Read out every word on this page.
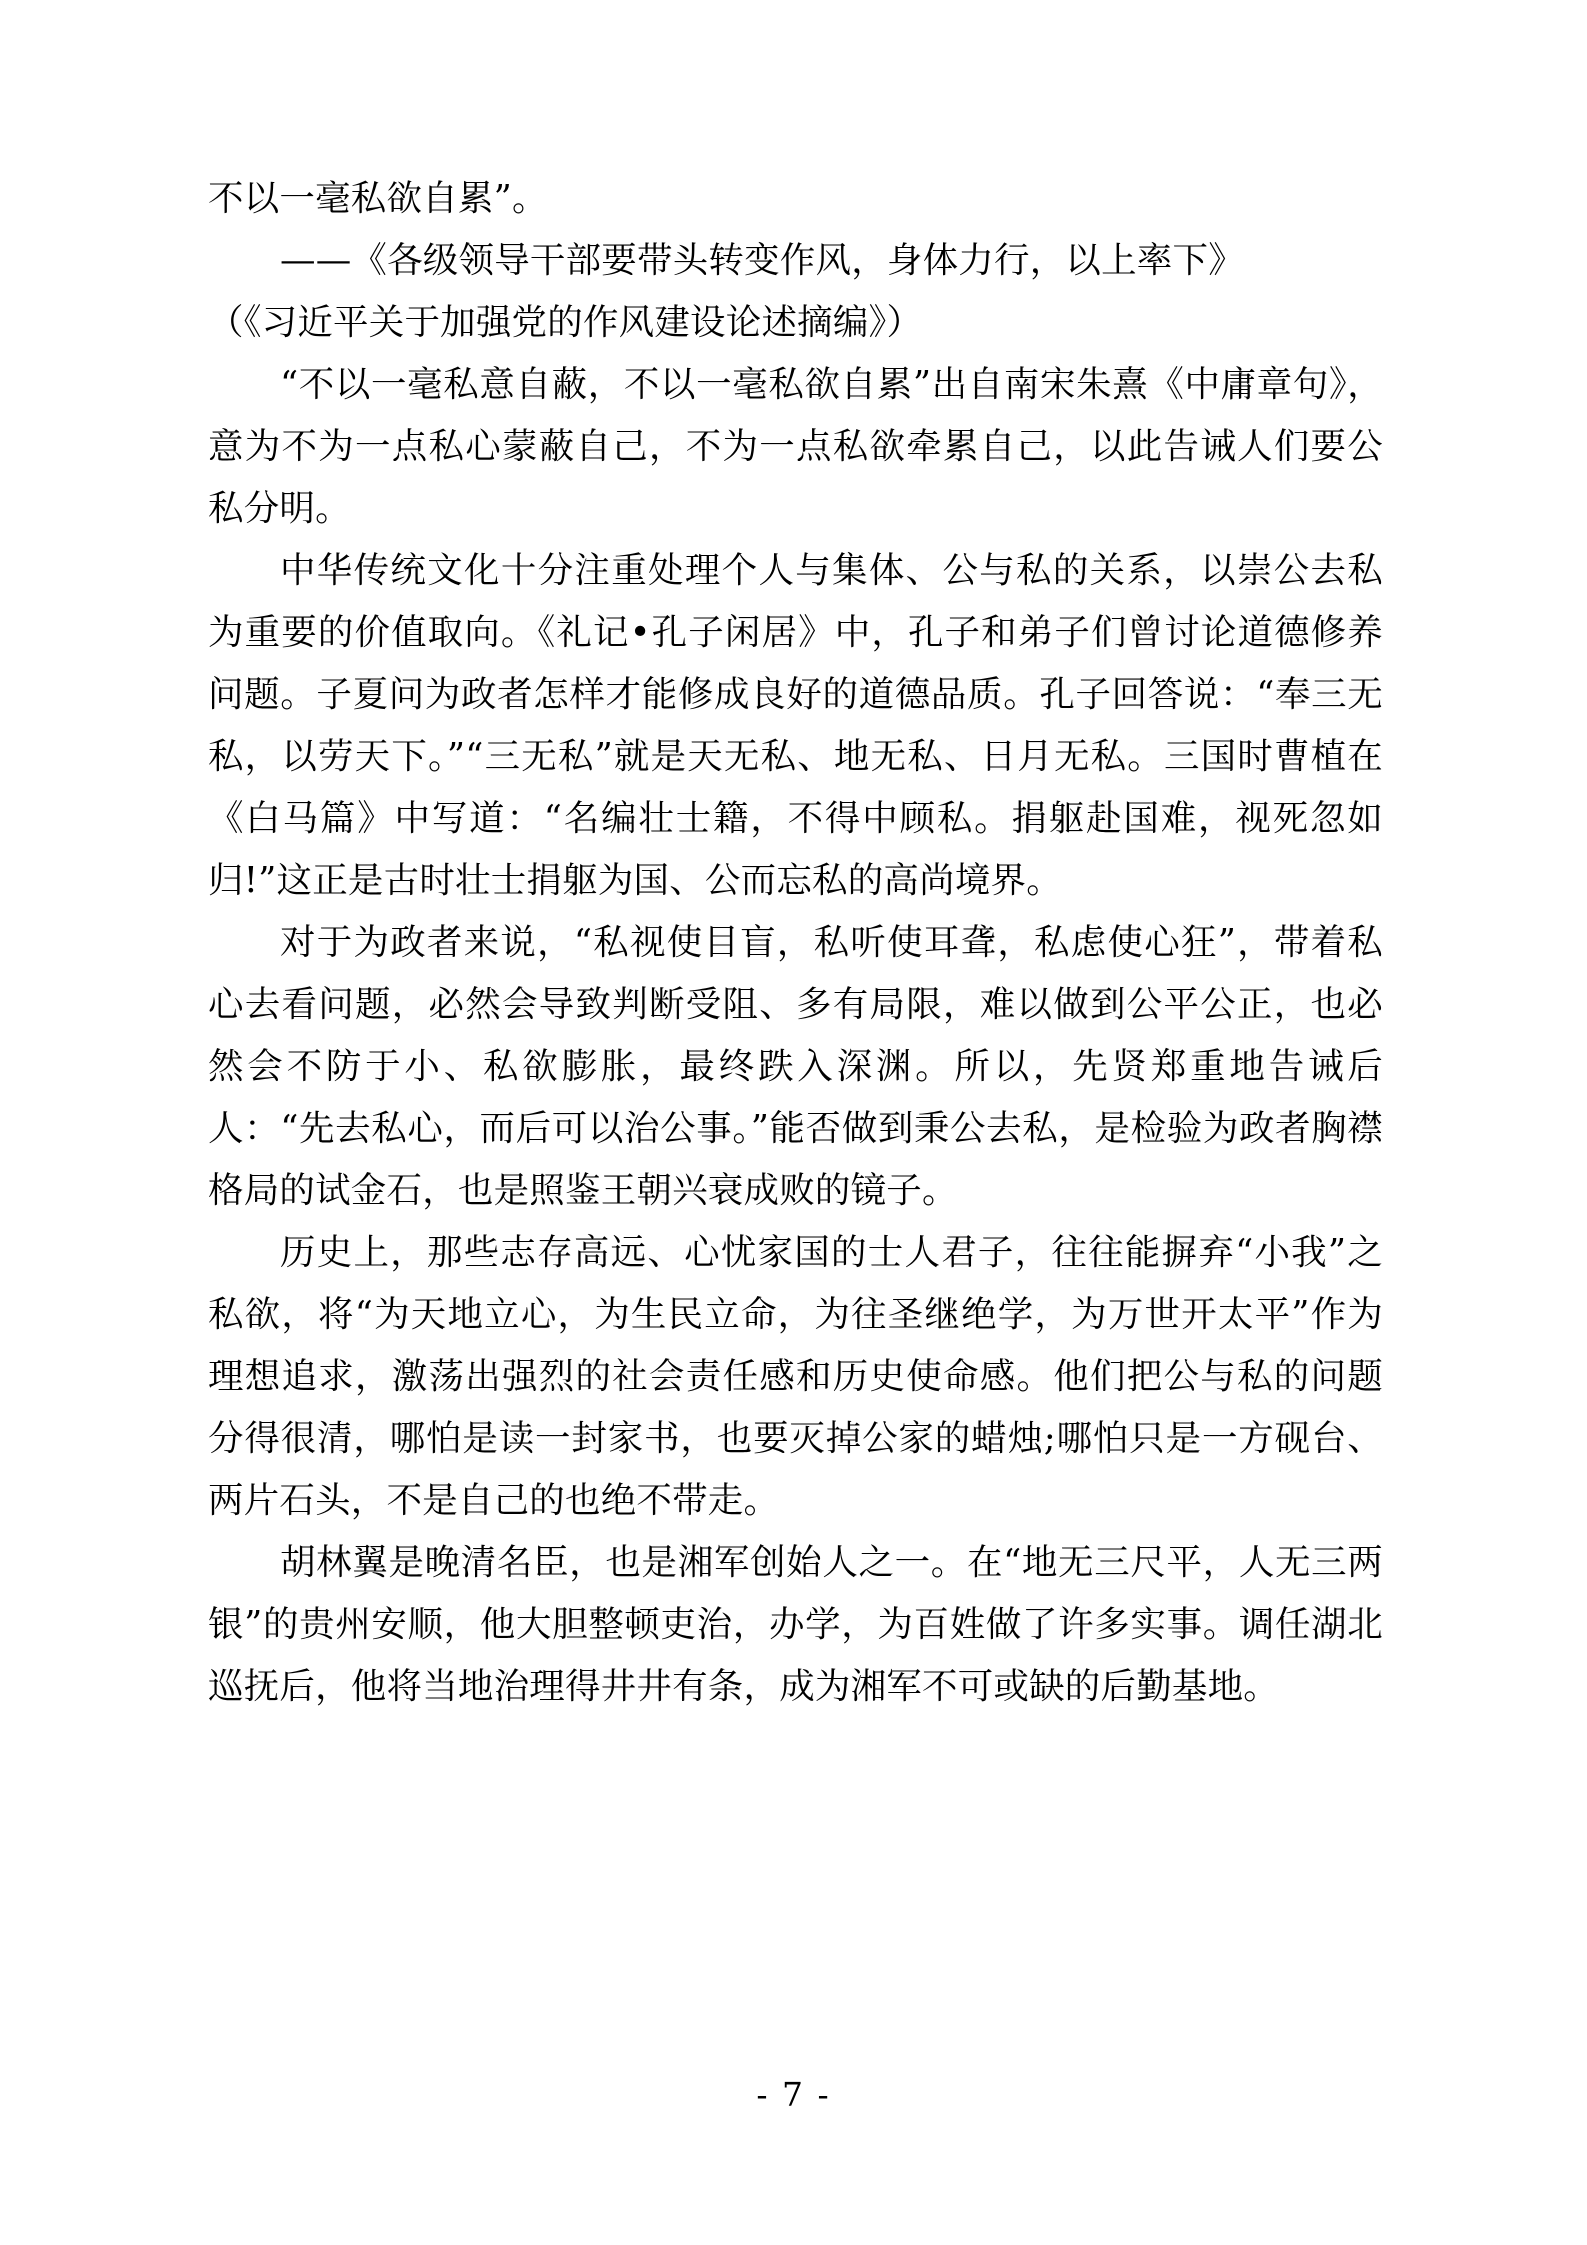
不以一毫私欲自累”。

——《各级领导干部要带头转变作风，身体力行，以上率下》

（《习近平关于加强党的作风建设论述摘编》）

“不以一毫私意自蔽，不以一毫私欲自累”出自南宋朱熹《中庸章句》，意为不为一点私心蒙蔽自己，不为一点私欲牵累自己，以此告诫人们要公私分明。

中华传统文化十分注重处理个人与集体、公与私的关系，以崇公去私为重要的价值取向。《礼记•孔子闲居》中，孔子和弟子们曾讨论道德修养问题。子夏问为政者怎样才能修成良好的道德品质。孔子回答说：“奉三无私，以劳天下。”“三无私”就是天无私、地无私、日月无私。三国时曹植在《白马篇》中写道：“名编壮士籍，不得中顾私。捐躯赴国难，视死忽如归!”这正是古时壮士捐躯为国、公而忘私的高尚境界。

对于为政者来说，“私视使目盲，私听使耳聋，私虑使心狂”，带着私心去看问题，必然会导致判断受阻、多有局限，难以做到公平公正，也必然会不防于小、私欲膨胀，最终跌入深渊。所以，先贤郑重地告诫后人：“先去私心，而后可以治公事。”能否做到秉公去私，是检验为政者胸襟格局的试金石，也是照鉴王朝兴衰成败的镜子。

历史上，那些志存高远、心忧家国的士人君子，往往能摒弃“小我”之私欲，将“为天地立心，为生民立命，为往圣继绝学，为万世开太平”作为理想追求，激荡出强烈的社会责任感和历史使命感。他们把公与私的问题分得很清，哪怕是读一封家书，也要灭掉公家的蜡烛;哪怕只是一方砚台、两片石头，不是自己的也绝不带走。

胡林翼是晚清名臣，也是湘军创始人之一。在“地无三尺平，人无三两银”的贵州安顺，他大胆整顿吏治，办学，为百姓做了许多实事。调任湖北巡抚后，他将当地治理得井井有条，成为湘军不可或缺的后勤基地。

- 7 -
